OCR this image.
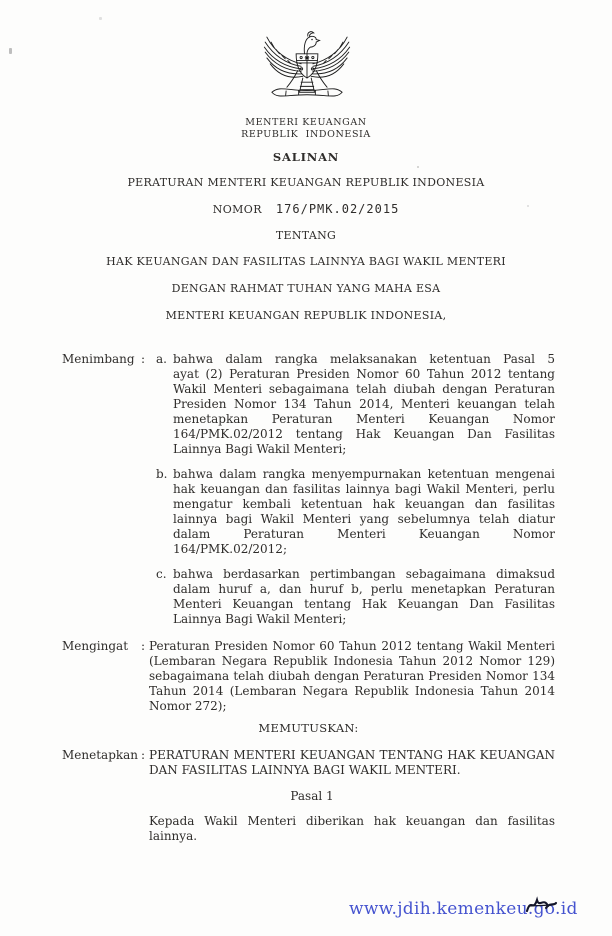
MENTERI KEUANGAN
REPUBLIK  INDONESIA
SALINAN
PERATURAN MENTERI KEUANGAN REPUBLIK INDONESIA
NOMOR 176/PMK.02/2015
TENTANG
HAK KEUANGAN DAN FASILITAS LAINNYA BAGI WAKIL MENTERI
DENGAN RAHMAT TUHAN YANG MAHA ESA
MENTERI KEUANGAN REPUBLIK INDONESIA,
Menimbang : a. bahwa dalam rangka melaksanakan ketentuan Pasal 5
ayat (2) Peraturan Presiden Nomor 60 Tahun 2012 tentang
Wakil Menteri sebagaimana telah diubah dengan Peraturan
Presiden Nomor 134 Tahun 2014, Menteri keuangan telah
menetapkan Peraturan Menteri Keuangan Nomor
164/PMK.02/2012 tentang Hak Keuangan Dan Fasilitas
Lainnya Bagi Wakil Menteri;
b. bahwa dalam rangka menyempurnakan ketentuan mengenai
hak keuangan dan fasilitas lainnya bagi Wakil Menteri, perlu
mengatur kembali ketentuan hak keuangan dan fasilitas
lainnya bagi Wakil Menteri yang sebelumnya telah diatur
dalam Peraturan Menteri Keuangan Nomor
164/PMK.02/2012;
c. bahwa berdasarkan pertimbangan sebagaimana dimaksud
dalam huruf a, dan huruf b, perlu menetapkan Peraturan
Menteri Keuangan tentang Hak Keuangan Dan Fasilitas
Lainnya Bagi Wakil Menteri;
Mengingat	: Peraturan Presiden Nomor 60 Tahun 2012 tentang Wakil Menteri
(Lembaran Negara Republik Indonesia Tahun 2012 Nomor 129)
sebagaimana telah diubah dengan Peraturan Presiden Nomor 134
Tahun 2014 (Lembaran Negara Republik Indonesia Tahun 2014
Nomor 272);
MEMUTUSKAN:
Menetapkan : PERATURAN MENTERI KEUANGAN TENTANG HAK KEUANGAN
DAN FASILITAS LAINNYA BAGI WAKIL MENTERI.
Pasal 1
Kepada Wakil Menteri diberikan hak keuangan dan fasilitas
lainnya.
www.jdih.kemenkeu.go.id
